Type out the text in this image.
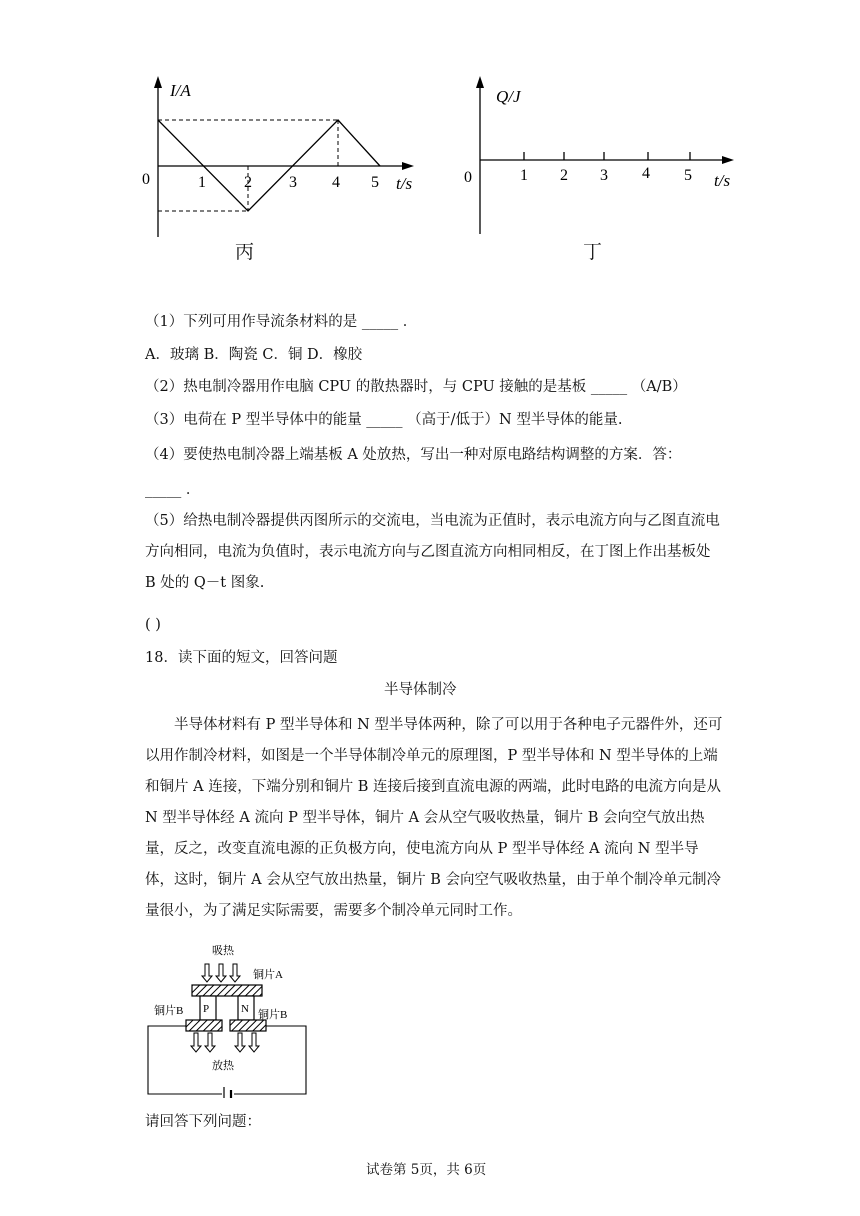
I/A
t/s
0	1 2 3 4 5
丙
Q/J
t/s
0	1 2 3 4 5
丁
（1）下列可用作导流条材料的是 _____ ．
A．玻璃 B．陶瓷 C．铜 D．橡胶
（2）热电制冷器用作电脑 CPU 的散热器时，与 CPU 接触的是基板 _____ （A/B）
（3）电荷在 P 型半导体中的能量 _____ （高于/低于）N 型半导体的能量.
（4）要使热电制冷器上端基板 A 处放热，写出一种对原电路结构调整的方案．答：
_____ ．
（5）给热电制冷器提供丙图所示的交流电，当电流为正值时，表示电流方向与乙图直流电方向相同，电流为负值时，表示电流方向与乙图直流方向相同相反，在丁图上作出基板处 B 处的 Q－t 图象.
( )
18．读下面的短文，回答问题
半导体制冷
半导体材料有 P 型半导体和 N 型半导体两种，除了可以用于各种电子元器件外，还可以用作制冷材料，如图是一个半导体制冷单元的原理图，P 型半导体和 N 型半导体的上端和铜片 A 连接，下端分别和铜片 B 连接后接到直流电源的两端，此时电路的电流方向是从 N 型半导体经 A 流向 P 型半导体，铜片 A 会从空气吸收热量，铜片 B 会向空气放出热量，反之，改变直流电源的正负极方向，使电流方向从 P 型半导体经 A 流向 N 型半导体，这时，铜片 A 会从空气放出热量，铜片 B 会向空气吸收热量，由于单个制冷单元制冷量很小，为了满足实际需要，需要多个制冷单元同时工作。
吸热
铜片A
铜片B	铜片B
P	N
放热
请回答下列问题：
试卷第 5页，共 6页
